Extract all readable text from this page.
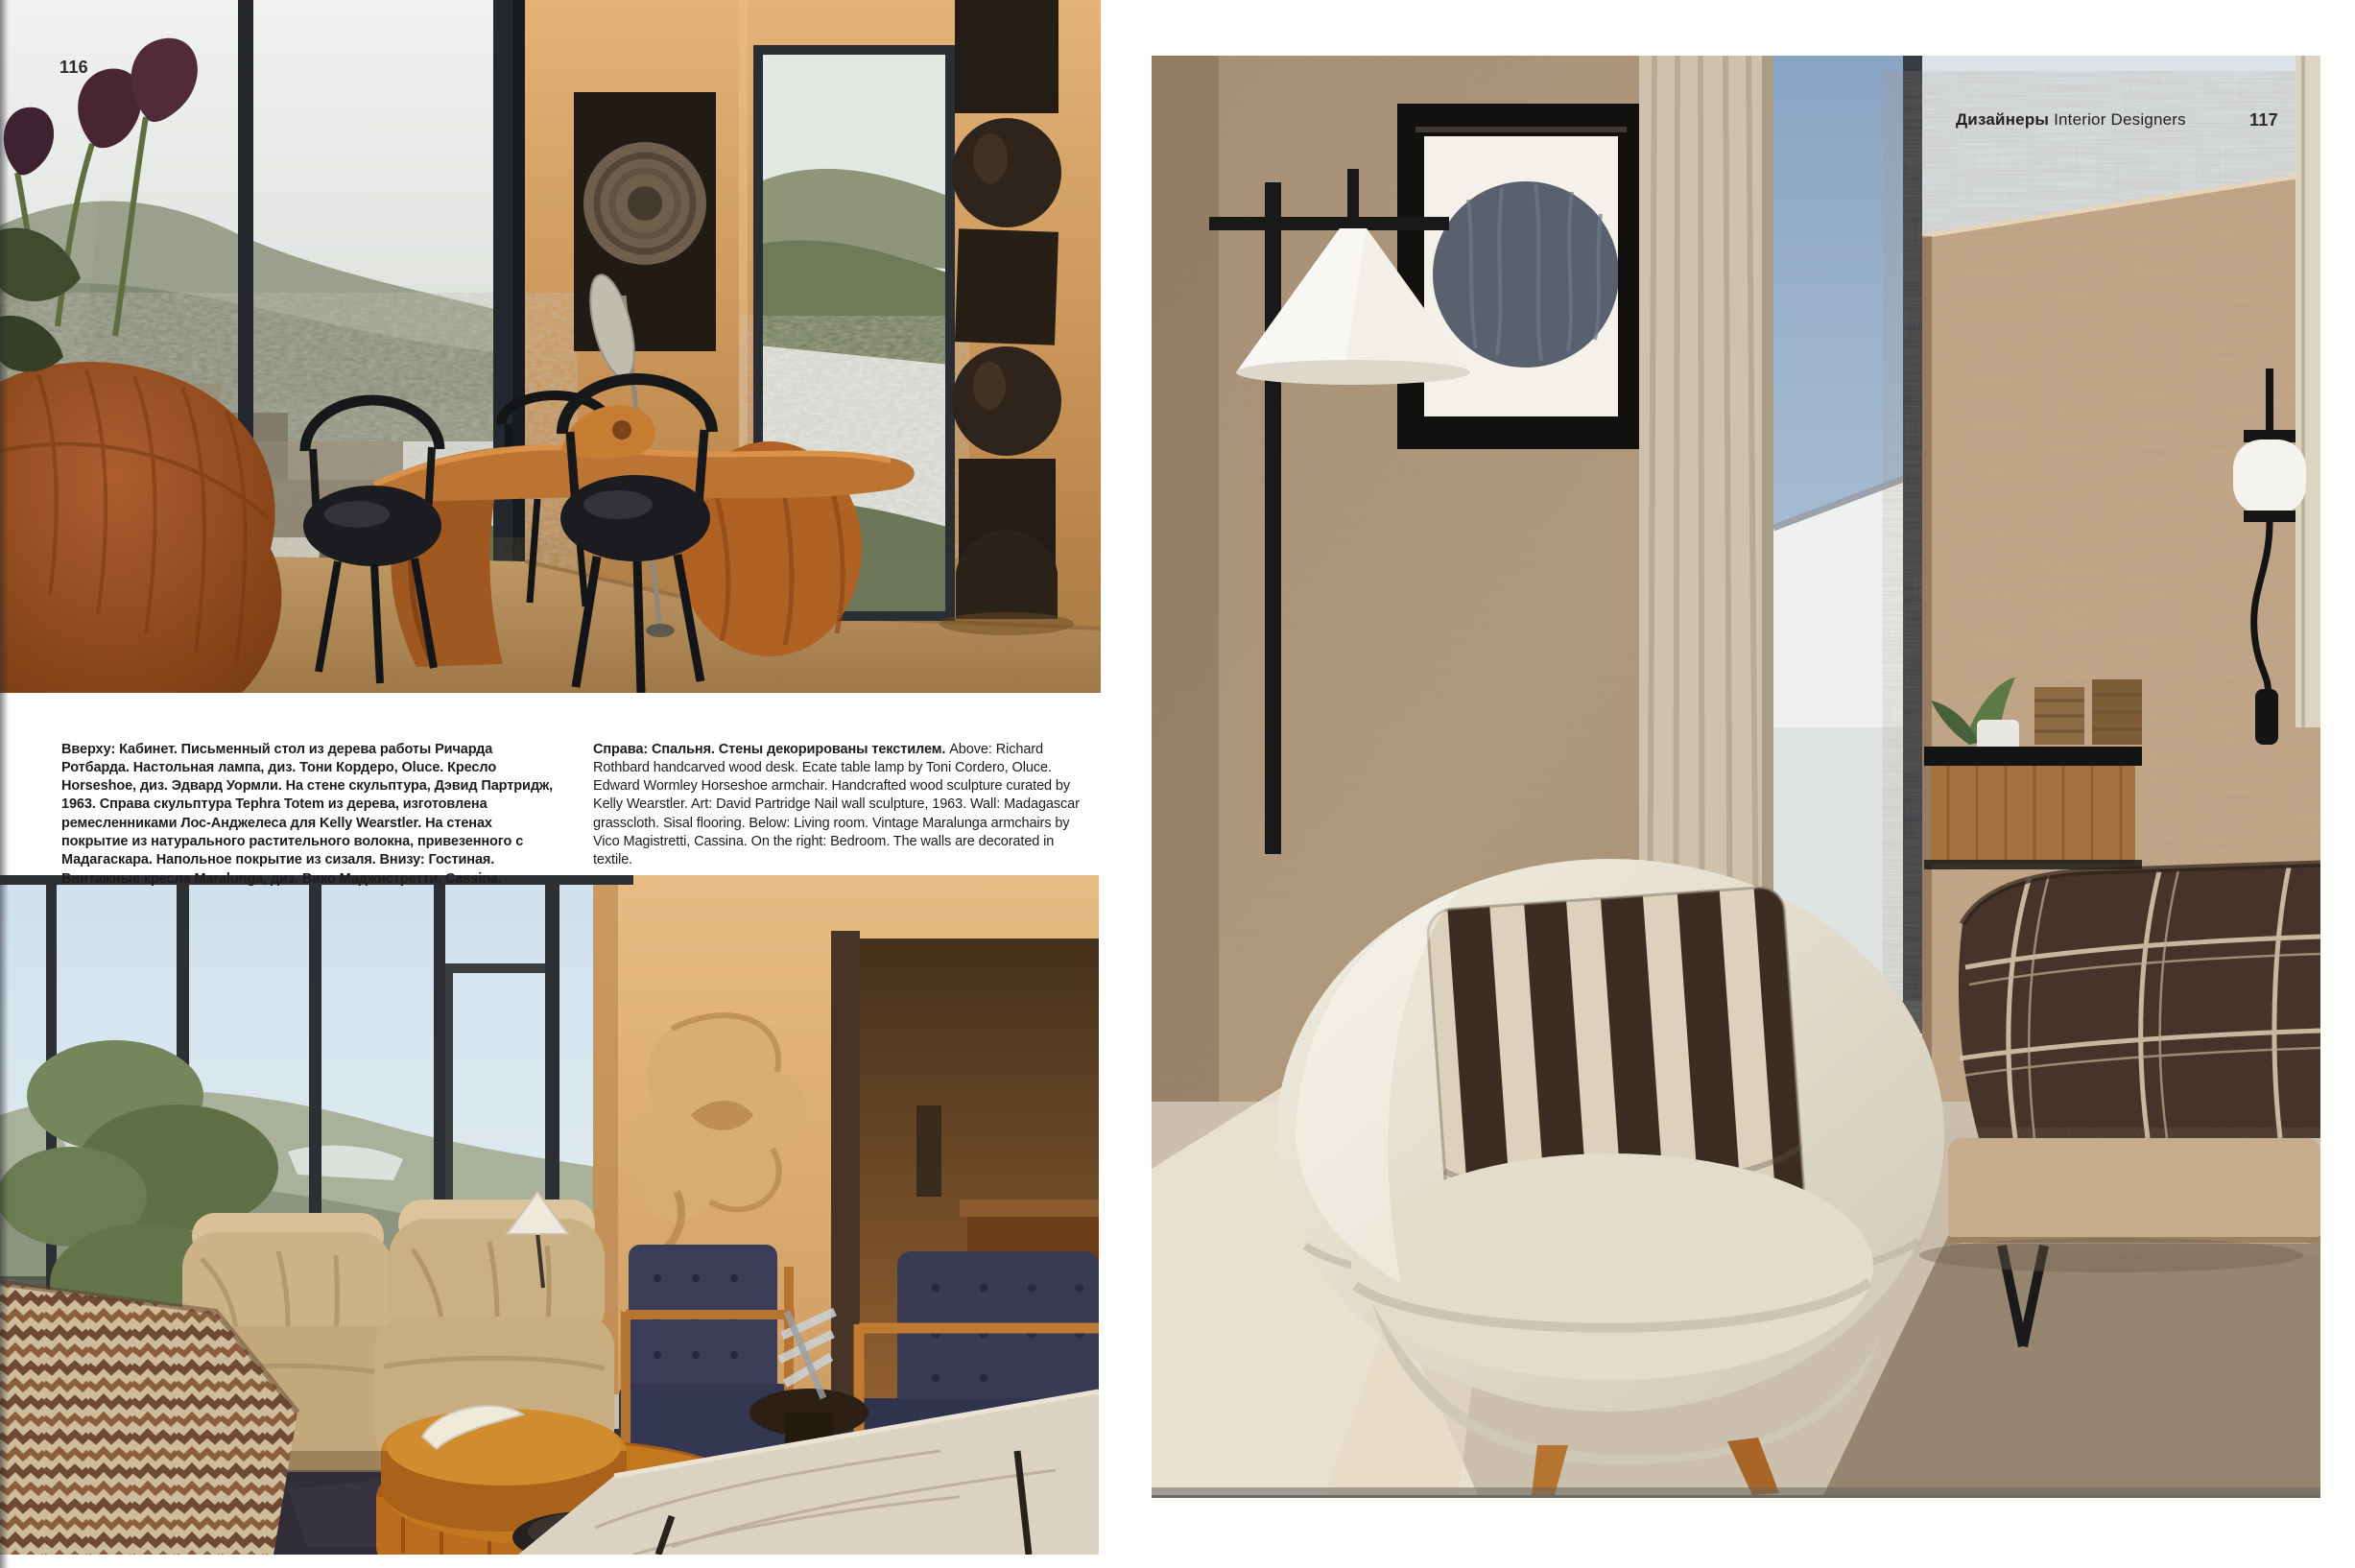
116
Дизайнеры Interior Designers	117

Вверху: Кабинет. Письменный стол из дерева работы Ричарда Ротбарда. Настольная лампа, диз. Тони Кордеро, Oluce. Кресло Horseshoe, диз. Эдвард Уормли. На стене скульптура, Дэвид Партридж, 1963. Справа скульптура Tephra Totem из дерева, изготовлена ремесленниками Лос-Анджелеса для Kelly Wearstler. На стенах покрытие из натурального растительного волокна, привезенного с Мадагаскара. Напольное покрытие из сизаля. Внизу: Гостиная. Винтажные кресла Maralunga, диз. Вико Маджистретти, Cassina.

Справа: Спальня. Стены декорированы текстилем. Above: Richard Rothbard handcarved wood desk. Ecate table lamp by Toni Cordero, Oluce. Edward Wormley Horseshoe armchair. Handcrafted wood sculpture curated by Kelly Wearstler. Art: David Partridge Nail wall sculpture, 1963. Wall: Madagascar grasscloth. Sisal flooring. Below: Living room. Vintage Maralunga armchairs by Vico Magistretti, Cassina. On the right: Bedroom. The walls are decorated in textile.
